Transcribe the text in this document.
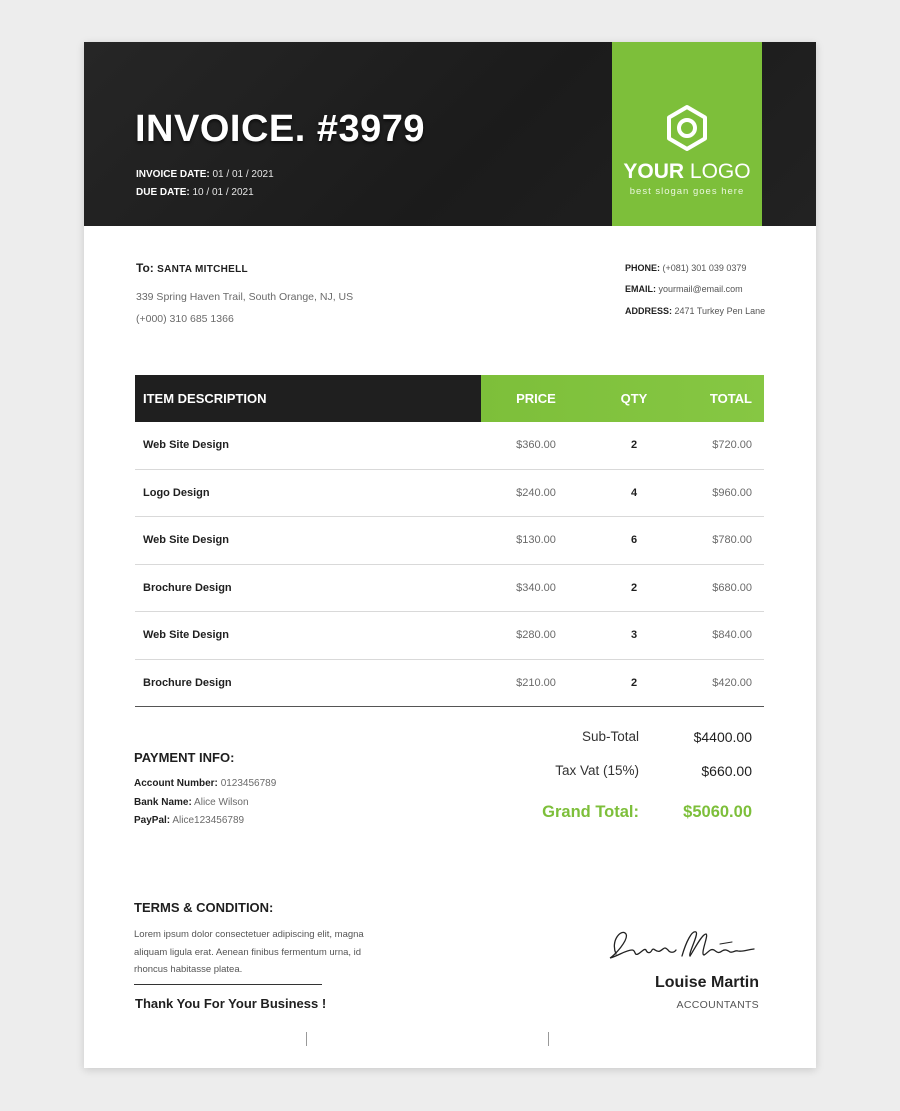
INVOICE. #3979
INVOICE DATE: 01 / 01 / 2021
DUE DATE: 10 / 01 / 2021
YOUR LOGO
best slogan goes here
To: SANTA MITCHELL
339 Spring Haven Trail, South Orange, NJ, US
(+000) 310 685 1366
PHONE: (+081) 301 039 0379
EMAIL: yourmail@email.com
ADDRESS: 2471 Turkey Pen Lane
ITEM DESCRIPTION	PRICE	QTY	TOTAL
Web Site Design	$360.00	2	$720.00
Logo Design	$240.00	4	$960.00
Web Site Design	$130.00	6	$780.00
Brochure Design	$340.00	2	$680.00
Web Site Design	$280.00	3	$840.00
Brochure Design	$210.00	2	$420.00
PAYMENT INFO:
Account Number: 0123456789
Bank Name: Alice Wilson
PayPal: Alice123456789
Sub-Total	$4400.00
Tax Vat (15%)	$660.00
Grand Total:	$5060.00
TERMS & CONDITION:
Lorem ipsum dolor consectetuer adipiscing elit, magna aliquam ligula erat. Aenean finibus fermentum urna, id rhoncus habitasse platea.
Thank You For Your Business !
Louise Martin
ACCOUNTANTS
